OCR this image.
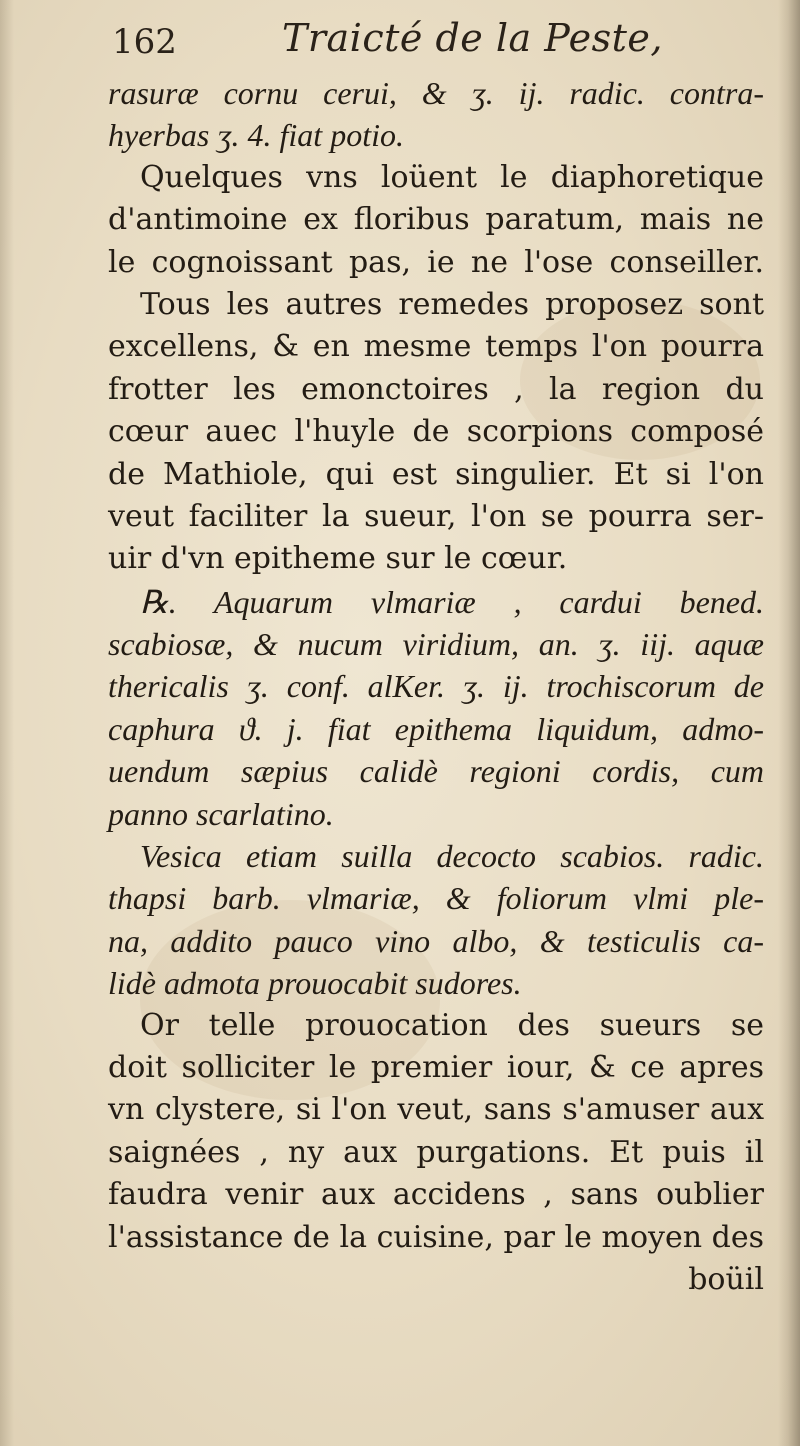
162	Traicté de la Peste,
rasuræ cornu cerui, & ʒ. ij. radic. contra-
hyerbas ʒ. 4. fiat potio.
Quelques vns loüent le diaphoretique
d'antimoine ex floribus paratum, mais ne
le cognoissant pas, ie ne l'ose conseiller.
Tous les autres remedes proposez sont
excellens, & en mesme temps l'on pourra
frotter les emonctoires , la region du
cœur auec l'huyle de scorpions composé
de Mathiole, qui est singulier. Et si l'on
veut faciliter la sueur, l'on se pourra ser-
uir d'vn epitheme sur le cœur.
℞. Aquarum vlmariæ , cardui bened.
scabiosæ, & nucum viridium, an. ʒ. iij. aquæ
thericalis ʒ. conf. alKer. ʒ. ij. trochiscorum de
caphura ϑ. j. fiat epithema liquidum, admo-
uendum sæpius calidè regioni cordis, cum
panno scarlatino.
Vesica etiam suilla decocto scabios. radic.
thapsi barb. vlmariæ, & foliorum vlmi ple-
na, addito pauco vino albo, & testiculis ca-
lidè admota prouocabit sudores.
Or telle prouocation des sueurs se
doit solliciter le premier iour, & ce apres
vn clystere, si l'on veut, sans s'amuser aux
saignées , ny aux purgations. Et puis il
faudra venir aux accidens , sans oublier
l'assistance de la cuisine, par le moyen des
boüil
